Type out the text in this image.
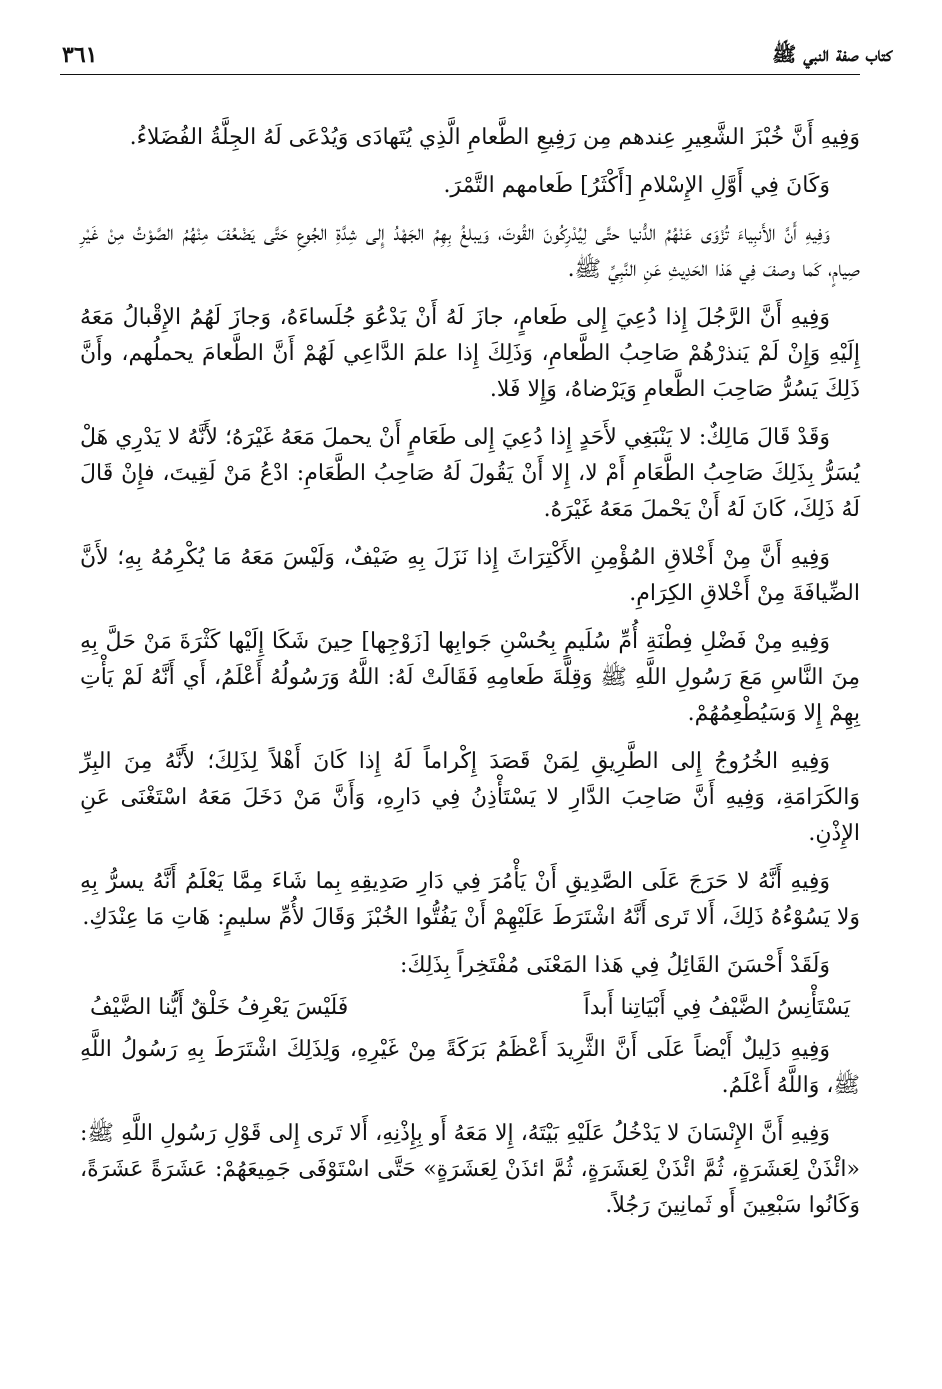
٣٦١	كتاب صفة النبي ﷺ

وَفِيهِ أَنَّ خُبْزَ الشَّعِيرِ عِندهم مِن رَفِيعِ الطَّعامِ الَّذِي يُتَهادَى وَيُدْعَى لَهُ الجِلَّةُ الفُضَلاءُ.

وَكَانَ فِي أَوَّلِ الإِسْلامِ [أَكْثَرُ] طَعامهم التَّمْرَ.

وَفِيهِ أَنَّ الأَنبِياءَ تُزْوَى عَنْهُمُ الدُّنيا حتَّى لِيُدْرِكُونَ القُوتَ، وَيبلغُ بِهِمُ الجَهْدُ إِلى شِدَّةِ الجُوعِ حَتَّى يَضْعُفَ مِنْهُمُ الصَّوْتُ مِنْ غَيْرِ صِيامٍ، كَما وصفَ فِي هَذا الحَدِيثِ عَنِ النَّبِيِّ ﷺ.

وَفِيهِ أَنَّ الرَّجُلَ إِذا دُعِيَ إِلى طَعامٍ، جازَ لَهُ أَنْ يَدْعُوَ جُلَساءَهُ، وَجازَ لَهُمُ الإِقْبالُ مَعَهُ إِلَيْهِ وَإِنْ لَمْ يَنذرْهُمْ صَاحِبُ الطَّعامِ، وَذَلِكَ إِذا علمَ الدَّاعِي لَهُمْ أَنَّ الطَّعامَ يحملُهم، وأَنَّ ذَلِكَ يَسُرُّ صَاحِبَ الطَّعامِ وَيَرْضاهُ، وَإِلا فَلا.

وَقَدْ قَالَ مَالِكٌ: لا يَنْبَغِي لأَحَدٍ إِذا دُعِيَ إِلى طَعَامٍ أَنْ يحملَ مَعَهُ غَيْرَهُ؛ لأَنَّهُ لا يَدْرِي هَلْ يُسَرُّ بِذَلِكَ صَاحِبُ الطَّعَامِ أَمْ لا، إِلا أَنْ يَقُولَ لَهُ صَاحِبُ الطَّعَامِ: ادْعُ مَنْ لَقِيتَ، فإِنْ قَالَ لَهُ ذَلِكَ، كَانَ لَهُ أَنْ يَحْملَ مَعَهُ غَيْرَهُ.

وَفِيهِ أَنَّ مِنْ أَخْلاقِ المُؤْمِنِ الأَكْتِرَاثَ إِذا نَزَلَ بِهِ ضَيْفٌ، وَلَيْسَ مَعَهُ مَا يُكْرِمُهُ بِهِ؛ لأَنَّ الضِّيافَةَ مِنْ أَخْلاقِ الكِرَامِ.

وَفِيهِ مِنْ فَضْلِ فِطْنَةِ أُمِّ سُلَيمٍ بِحُسْنِ جَوابِها [زَوْجِها] حِينَ شَكَا إِلَيْها كَثْرَةَ مَنْ حَلَّ بِهِ مِنَ النَّاسِ مَعَ رَسُولِ اللَّهِ ﷺ وَقِلَّةَ طَعامِهِ فَقَالَتْ لَهُ: اللَّهُ وَرَسُولُهُ أَعْلَمُ، أَي أَنَّهُ لَمْ يَأْتِ بِهِمْ إِلا وَسَيُطْعِمُهُمْ.

وَفِيهِ الخُرُوجُ إِلى الطَّرِيقِ لِمَنْ قَصَدَ إِكْراماً لَهُ إِذا كَانَ أَهْلاً لِذَلِكَ؛ لأَنَّهُ مِنَ البِرِّ وَالكَرَامَةِ، وَفِيهِ أَنَّ صَاحِبَ الدَّارِ لا يَسْتَأْذِنُ فِي دَارِهِ، وَأَنَّ مَنْ دَخَلَ مَعَهُ اسْتَغْنَى عَنِ الإِذْنِ.

وَفِيهِ أَنَّهُ لا حَرَجَ عَلَى الصَّدِيقِ أَنْ يَأْمُرَ فِي دَارِ صَدِيقِهِ بِما شَاءَ مِمَّا يَعْلَمُ أَنَّهُ يسرُّ بِهِ وَلا يَسُوْءُهُ ذَلِكَ، أَلا تَرى أَنَّهُ اشْتَرَطَ عَلَيْهِمْ أَنْ يَفُتُّوا الخُبْزَ وَقَالَ لأُمِّ سليمٍ: هَاتِ مَا عِنْدَكِ.

وَلَقَدْ أَحْسَنَ القَائِلُ فِي هَذا المَعْنَى مُفْتَخِراً بِذَلِكَ:

يَسْتَأْنِسُ الضَّيْفُ فِي أَبْيَاتِنا أَبداً
فَلَيْسَ يَعْرِفُ خَلْقٌ أَيُّنا الضَّيْفُ

وَفِيهِ دَلِيلٌ أَيْضاً عَلَى أَنَّ الثَّرِيدَ أَعْظَمُ بَرَكَةً مِنْ غَيْرِهِ، وَلِذَلِكَ اشْتَرَطَ بِهِ رَسُولُ اللَّهِ ﷺ، وَاللَّهُ أَعْلَمُ.

وَفِيهِ أَنَّ الإِنْسَانَ لا يَدْخُلُ عَلَيْهِ بَيْتَهُ، إِلا مَعَهُ أَو بِإِذْنِهِ، أَلا تَرى إِلى قَوْلِ رَسُولِ اللَّهِ ﷺ: «ائْذَنْ لِعَشَرَةٍ، ثُمَّ ائْذَنْ لِعَشَرَةٍ، ثُمَّ ائذَنْ لِعَشَرَةٍ» حَتَّى اسْتَوْفَى جَمِيعَهُمْ: عَشَرَةً عَشَرَةً، وَكَانُوا سَبْعِينَ أَو ثَمانِينَ رَجُلاً.
